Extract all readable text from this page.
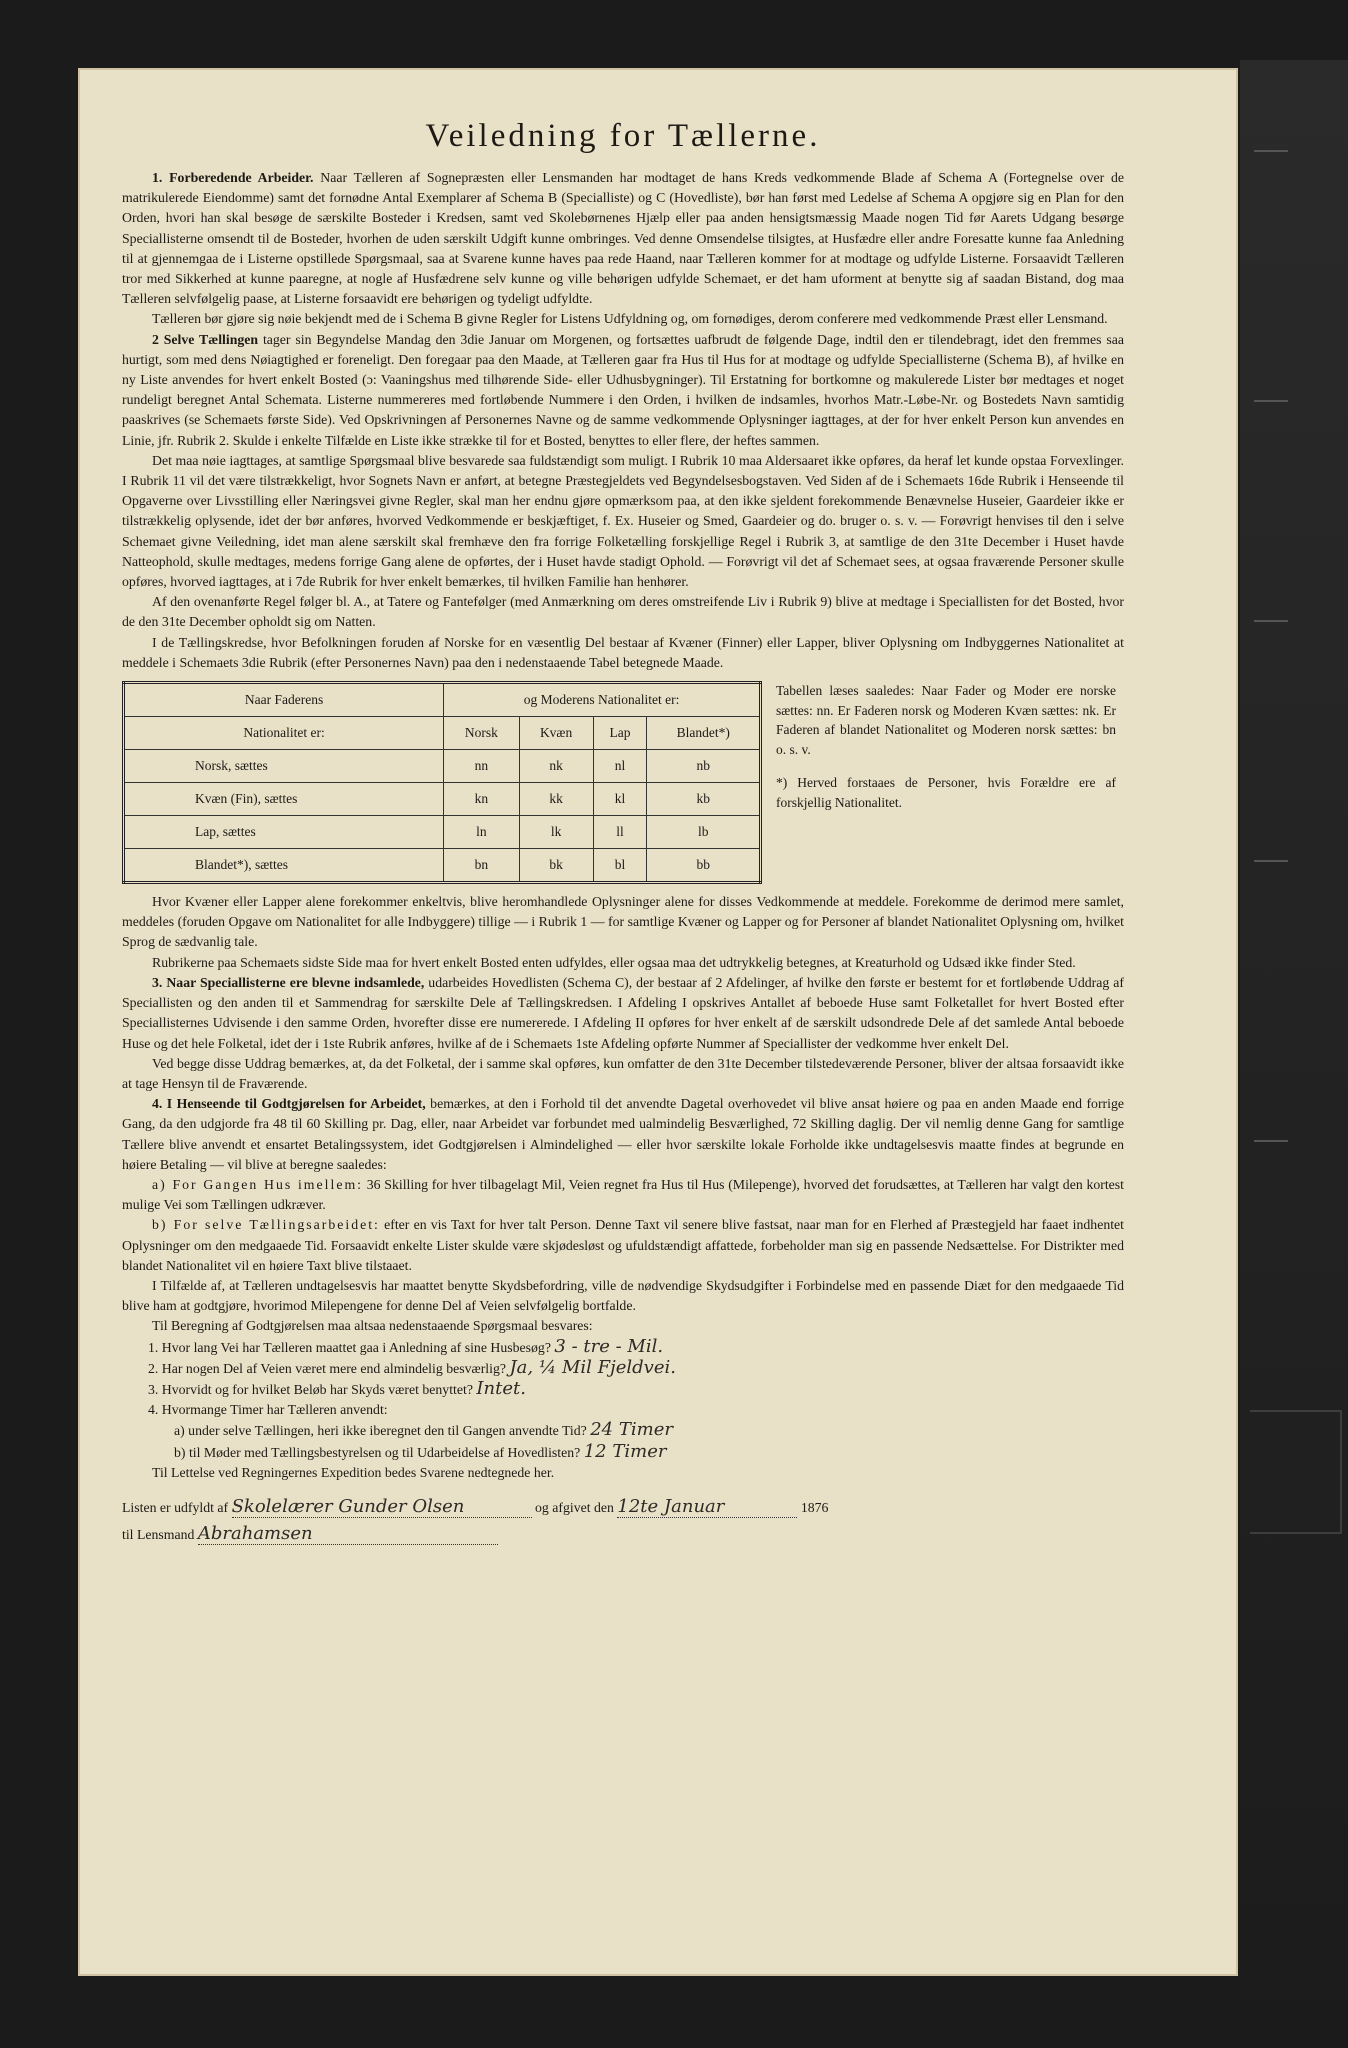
Veiledning for Tællerne.

1. Forberedende Arbeider. Naar Tælleren af Sognepræsten eller Lensmanden har modtaget de hans Kreds vedkommende Blade af Schema A (Fortegnelse over de matrikulerede Eiendomme) samt det fornødne Antal Exemplarer af Schema B (Specialliste) og C (Hovedliste), bør han først med Ledelse af Schema A opgjøre sig en Plan for den Orden, hvori han skal besøge de særskilte Bosteder i Kredsen, samt ved Skolebørnenes Hjælp eller paa anden hensigtsmæssig Maade nogen Tid før Aarets Udgang besørge Speciallisterne omsendt til de Bosteder, hvorhen de uden særskilt Udgift kunne ombringes. Ved denne Omsendelse tilsigtes, at Husfædre eller andre Foresatte kunne faa Anledning til at gjennemgaa de i Listerne opstillede Spørgsmaal, saa at Svarene kunne haves paa rede Haand, naar Tælleren kommer for at modtage og udfylde Listerne. Forsaavidt Tælleren tror med Sikkerhed at kunne paaregne, at nogle af Husfædrene selv kunne og ville behørigen udfylde Schemaet, er det ham uforment at benytte sig af saadan Bistand, dog maa Tælleren selvfølgelig paase, at Listerne forsaavidt ere behørigen og tydeligt udfyldte.

Tælleren bør gjøre sig nøie bekjendt med de i Schema B givne Regler for Listens Udfyldning og, om fornødiges, derom conferere med vedkommende Præst eller Lensmand.

2 Selve Tællingen tager sin Begyndelse Mandag den 3die Januar om Morgenen, og fortsættes uafbrudt de følgende Dage, indtil den er tilendebragt, idet den fremmes saa hurtigt, som med dens Nøiagtighed er foreneligt. Den foregaar paa den Maade, at Tælleren gaar fra Hus til Hus for at modtage og udfylde Speciallisterne (Schema B), af hvilke en ny Liste anvendes for hvert enkelt Bosted (ɔ: Vaaningshus med tilhørende Side- eller Udhusbygninger). Til Erstatning for bortkomne og makulerede Lister bør medtages et noget rundeligt beregnet Antal Schemata. Listerne nummereres med fortløbende Nummere i den Orden, i hvilken de indsamles, hvorhos Matr.-Løbe-Nr. og Bostedets Navn samtidig paaskrives (se Schemaets første Side). Ved Opskrivningen af Personernes Navne og de samme vedkommende Oplysninger iagttages, at der for hver enkelt Person kun anvendes en Linie, jfr. Rubrik 2. Skulde i enkelte Tilfælde en Liste ikke strække til for et Bosted, benyttes to eller flere, der heftes sammen.

Det maa nøie iagttages, at samtlige Spørgsmaal blive besvarede saa fuldstændigt som muligt. I Rubrik 10 maa Aldersaaret ikke opføres, da heraf let kunde opstaa Forvexlinger. I Rubrik 11 vil det være tilstrækkeligt, hvor Sognets Navn er anført, at betegne Præstegjeldets ved Begyndelsesbogstaven. Ved Siden af de i Schemaets 16de Rubrik i Henseende til Opgaverne over Livsstilling eller Næringsvei givne Regler, skal man her endnu gjøre opmærksom paa, at den ikke sjeldent forekommende Benævnelse Huseier, Gaardeier ikke er tilstrækkelig oplysende, idet der bør anføres, hvorved Vedkommende er beskjæftiget, f. Ex. Huseier og Smed, Gaardeier og do. bruger o. s. v. — Forøvrigt henvises til den i selve Schemaet givne Veiledning, idet man alene særskilt skal fremhæve den fra forrige Folketælling forskjellige Regel i Rubrik 3, at samtlige de den 31te December i Huset havde Natteophold, skulle medtages, medens forrige Gang alene de opførtes, der i Huset havde stadigt Ophold. — Forøvrigt vil det af Schemaet sees, at ogsaa fraværende Personer skulle opføres, hvorved iagttages, at i 7de Rubrik for hver enkelt bemærkes, til hvilken Familie han henhører.

Af den ovenanførte Regel følger bl. A., at Tatere og Fantefølger (med Anmærkning om deres omstreifende Liv i Rubrik 9) blive at medtage i Speciallisten for det Bosted, hvor de den 31te December opholdt sig om Natten.

I de Tællingskredse, hvor Befolkningen foruden af Norske for en væsentlig Del bestaar af Kvæner (Finner) eller Lapper, bliver Oplysning om Indbyggernes Nationalitet at meddele i Schemaets 3die Rubrik (efter Personernes Navn) paa den i nedenstaaende Tabel betegnede Maade.

Naar Faderens	og Moderens Nationalitet er:			
Nationalitet er:	Norsk	Kvæn	Lap	Blandet*)
Norsk, sættes	nn	nk	nl	nb
Kvæn (Fin), sættes	kn	kk	kl	kb
Lap, sættes	ln	lk	ll	lb
Blandet*), sættes	bn	bk	bl	bb

Tabellen læses saaledes: Naar Fader og Moder ere norske sættes: nn. Er Faderen norsk og Moderen Kvæn sættes: nk. Er Faderen af blandet Nationalitet og Moderen norsk sættes: bn o. s. v.

*) Herved forstaaes de Personer, hvis Forældre ere af forskjellig Nationalitet.

Hvor Kvæner eller Lapper alene forekommer enkeltvis, blive heromhandlede Oplysninger alene for disses Vedkommende at meddele. Forekomme de derimod mere samlet, meddeles (foruden Opgave om Nationalitet for alle Indbyggere) tillige — i Rubrik 1 — for samtlige Kvæner og Lapper og for Personer af blandet Nationalitet Oplysning om, hvilket Sprog de sædvanlig tale.

Rubrikerne paa Schemaets sidste Side maa for hvert enkelt Bosted enten udfyldes, eller ogsaa maa det udtrykkelig betegnes, at Kreaturhold og Udsæd ikke finder Sted.

3. Naar Speciallisterne ere blevne indsamlede, udarbeides Hovedlisten (Schema C), der bestaar af 2 Afdelinger, af hvilke den første er bestemt for et fortløbende Uddrag af Speciallisten og den anden til et Sammendrag for særskilte Dele af Tællingskredsen. I Afdeling I opskrives Antallet af beboede Huse samt Folketallet for hvert Bosted efter Speciallisternes Udvisende i den samme Orden, hvorefter disse ere numererede. I Afdeling II opføres for hver enkelt af de særskilt udsondrede Dele af det samlede Antal beboede Huse og det hele Folketal, idet der i 1ste Rubrik anføres, hvilke af de i Schemaets 1ste Afdeling opførte Nummer af Speciallister der vedkomme hver enkelt Del.

Ved begge disse Uddrag bemærkes, at, da det Folketal, der i samme skal opføres, kun omfatter de den 31te December tilstedeværende Personer, bliver der altsaa forsaavidt ikke at tage Hensyn til de Fraværende.

4. I Henseende til Godtgjørelsen for Arbeidet, bemærkes, at den i Forhold til det anvendte Dagetal overhovedet vil blive ansat høiere og paa en anden Maade end forrige Gang, da den udgjorde fra 48 til 60 Skilling pr. Dag, eller, naar Arbeidet var forbundet med ualmindelig Besværlighed, 72 Skilling daglig. Der vil nemlig denne Gang for samtlige Tællere blive anvendt et ensartet Betalingssystem, idet Godtgjørelsen i Almindelighed — eller hvor særskilte lokale Forholde ikke undtagelsesvis maatte findes at begrunde en høiere Betaling — vil blive at beregne saaledes:

a) For Gangen Hus imellem: 36 Skilling for hver tilbagelagt Mil, Veien regnet fra Hus til Hus (Milepenge), hvorved det forudsættes, at Tælleren har valgt den kortest mulige Vei som Tællingen udkræver.

b) For selve Tællingsarbeidet: efter en vis Taxt for hver talt Person. Denne Taxt vil senere blive fastsat, naar man for en Flerhed af Præstegjeld har faaet indhentet Oplysninger om den medgaaede Tid. Forsaavidt enkelte Lister skulde være skjødesløst og ufuldstændigt affattede, forbeholder man sig en passende Nedsættelse. For Distrikter med blandet Nationalitet vil en høiere Taxt blive tilstaaet.

I Tilfælde af, at Tælleren undtagelsesvis har maattet benytte Skydsbefordring, ville de nødvendige Skydsudgifter i Forbindelse med en passende Diæt for den medgaaede Tid blive ham at godtgjøre, hvorimod Milepengene for denne Del af Veien selvfølgelig bortfalde.

Til Beregning af Godtgjørelsen maa altsaa nedenstaaende Spørgsmaal besvares:

1. Hvor lang Vei har Tælleren maattet gaa i Anledning af sine Husbesøg? 3 - tre - Mil.
2. Har nogen Del af Veien været mere end almindelig besværlig? Ja, ¼ Mil Fjeldvei.
3. Hvorvidt og for hvilket Beløb har Skyds været benyttet? Intet.
4. Hvormange Timer har Tælleren anvendt:
a) under selve Tællingen, heri ikke iberegnet den til Gangen anvendte Tid? 24 Timer
b) til Møder med Tællingsbestyrelsen og til Udarbeidelse af Hovedlisten? 12 Timer

Til Lettelse ved Regningernes Expedition bedes Svarene nedtegnede her.

Listen er udfyldt af Skolelærer Gunder Olsen	og afgivet den 12te Januar	1876
til Lensmand Abrahamsen
